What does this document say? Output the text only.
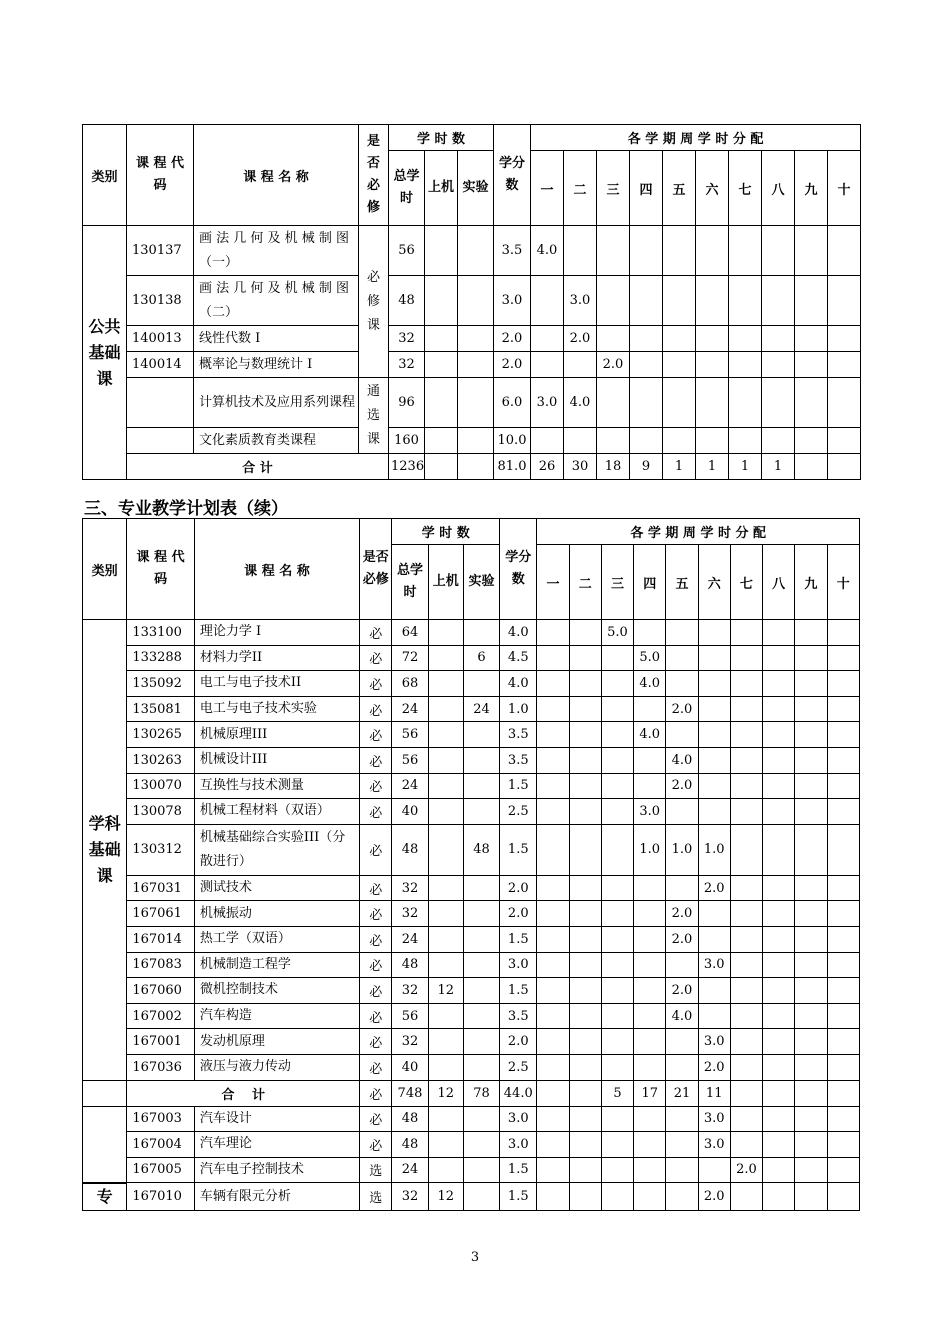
类别	课 程 代 码	课 程 名 称	是否必修	学 时 数			学分数	各 学 期 周 学 时 分 配									
				总学时	上机	实验		一	二	三	四	五	六	七	八	九	十
公共基础课	130137	画 法 几 何 及 机 械 制 图（一）	必修课	56			3.5	4.0									
	130138	画 法 几 何 及 机 械 制 图（二）		48			3.0		3.0								
	140013	线性代数 I		32			2.0		2.0								
	140014	概率论与数理统计 I		32			2.0			2.0							
		计算机技术及应用系列课程	通选课	96			6.0	3.0	4.0								
		文化素质教育类课程		160			10.0										
	合 计			1236			81.0	26	30	18	9	1	1	1	1		
三、专业教学计划表（续）
类别	课 程 代 码	课 程 名 称	是否必修	学 时 数			学分数	各 学 期 周 学 时 分 配									
				总学时	上机	实验		一	二	三	四	五	六	七	八	九	十
学科基础课	133100	理论力学 I	必	64			4.0			5.0							
	133288	材料力学II	必	72		6	4.5				5.0						
	135092	电工与电子技术II	必	68			4.0				4.0						
	135081	电工与电子技术实验	必	24		24	1.0					2.0					
	130265	机械原理III	必	56			3.5				4.0						
	130263	机械设计III	必	56			3.5					4.0					
	130070	互换性与技术测量	必	24			1.5					2.0					
	130078	机械工程材料（双语）	必	40			2.5				3.0						
	130312	机械基础综合实验III（分散进行）	必	48		48	1.5				1.0	1.0	1.0				
	167031	测试技术	必	32			2.0						2.0				
	167061	机械振动	必	32			2.0					2.0					
	167014	热工学（双语）	必	24			1.5					2.0					
	167083	机械制造工程学	必	48			3.0						3.0				
	167060	微机控制技术	必	32	12		1.5					2.0					
	167002	汽车构造	必	56			3.5					4.0					
	167001	发动机原理	必	32			2.0						3.0				
	167036	液压与液力传动	必	40			2.5						2.0				
	合　 计		必	748	12	78	44.0			5	17	21	11				
	167003	汽车设计	必	48			3.0						3.0				
	167004	汽车理论	必	48			3.0						3.0				
	167005	汽车电子控制技术	选	24			1.5							2.0			
专	167010	车辆有限元分析	选	32	12		1.5						2.0				
3
